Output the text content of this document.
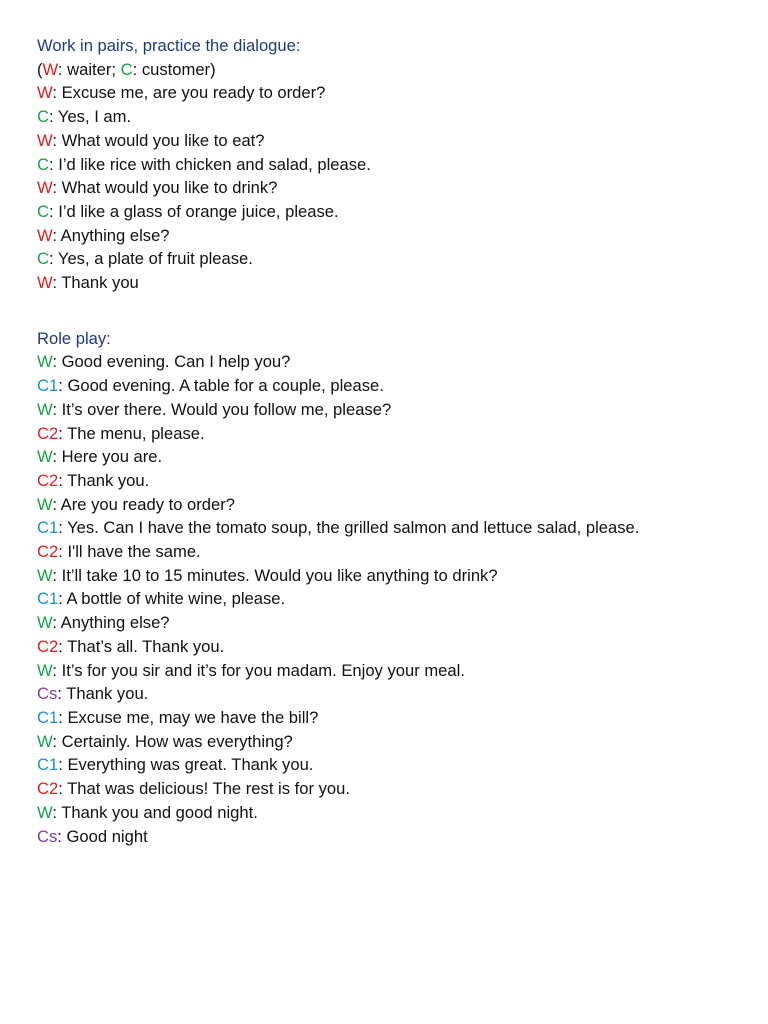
Work in pairs, practice the dialogue:
(W: waiter; C: customer)
W: Excuse me, are you ready to order?
C: Yes, I am.
W: What would you like to eat?
C: I’d like rice with chicken and salad, please.
W: What would you like to drink?
C: I’d like a glass of orange juice, please.
W: Anything else?
C: Yes, a plate of fruit please.
W: Thank you
Role play:
W: Good evening. Can I help you?
C1: Good evening. A table for a couple, please.
W: It’s over there. Would you follow me, please?
C2: The menu, please.
W: Here you are.
C2: Thank you.
W: Are you ready to order?
C1: Yes. Can I have the tomato soup, the grilled salmon and lettuce salad, please.
C2: I'll have the same.
W: It’ll take 10 to 15 minutes. Would you like anything to drink?
C1: A bottle of white wine, please.
W: Anything else?
C2: That’s all. Thank you.
W: It’s for you sir and it’s for you madam. Enjoy your meal.
Cs: Thank you.
C1: Excuse me, may we have the bill?
W: Certainly. How was everything?
C1: Everything was great. Thank you.
C2: That was delicious! The rest is for you.
W: Thank you and good night.
Cs: Good night
